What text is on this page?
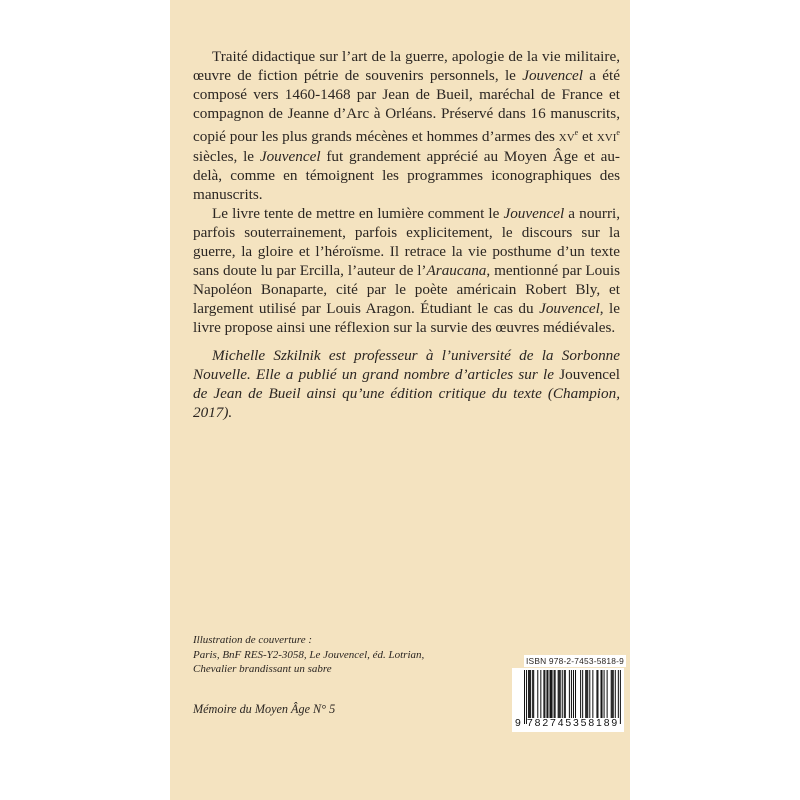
Traité didactique sur l’art de la guerre, apologie de la vie militaire, œuvre de fiction pétrie de souvenirs personnels, le Jouvencel a été composé vers 1460-1468 par Jean de Bueil, maréchal de France et compagnon de Jeanne d’Arc à Orléans. Préservé dans 16 manuscrits, copié pour les plus grands mécènes et hommes d’armes des $xv^e$ et xvi$^e$ siècles, le Jouvencel fut grandement apprécié au Moyen Âge et au-delà, comme en témoignent les programmes iconographiques des manuscrits.

Le livre tente de mettre en lumière comment le Jouvencel a nourri, parfois souterrainement, parfois explicitement, le discours sur la guerre, la gloire et l’héroïsme. Il retrace la vie posthume d’un texte sans doute lu par Ercilla, l’auteur de l’Araucana, mentionné par Louis Napoléon Bonaparte, cité par le poète américain Robert Bly, et largement utilisé par Louis Aragon. Étudiant le cas du Jouvencel, le livre propose ainsi une réflexion sur la survie des œuvres médiévales.

Michelle Szkilnik est professeur à l’université de la Sorbonne Nouvelle. Elle a publié un grand nombre d’articles sur le Jouvencel de Jean de Bueil ainsi qu’une édition critique du texte (Champion, 2017).

Illustration de couverture :
Paris, BnF RES-Y2-3058, Le Jouvencel, éd. Lotrian,
Chevalier brandissant un sabre
Mémoire du Moyen Âge N° 5
ISBN 978-2-7453-5818-9
9 782745 358189
